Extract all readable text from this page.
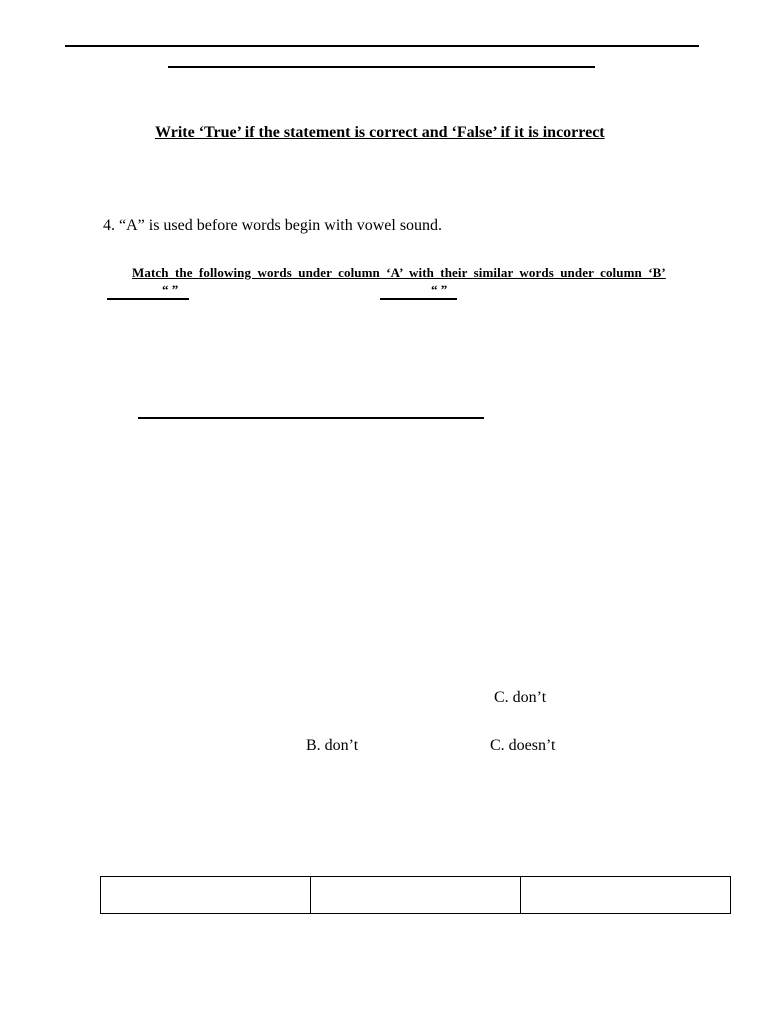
Write ‘True’ if the statement is correct and ‘False’ if it is incorrect
4. “A” is used before words begin with vowel sound.
Match the following words under column ‘A’ with their similar words under column ‘B’
“ ”	“ ”
C. don’t
B. don’t	C. doesn’t
